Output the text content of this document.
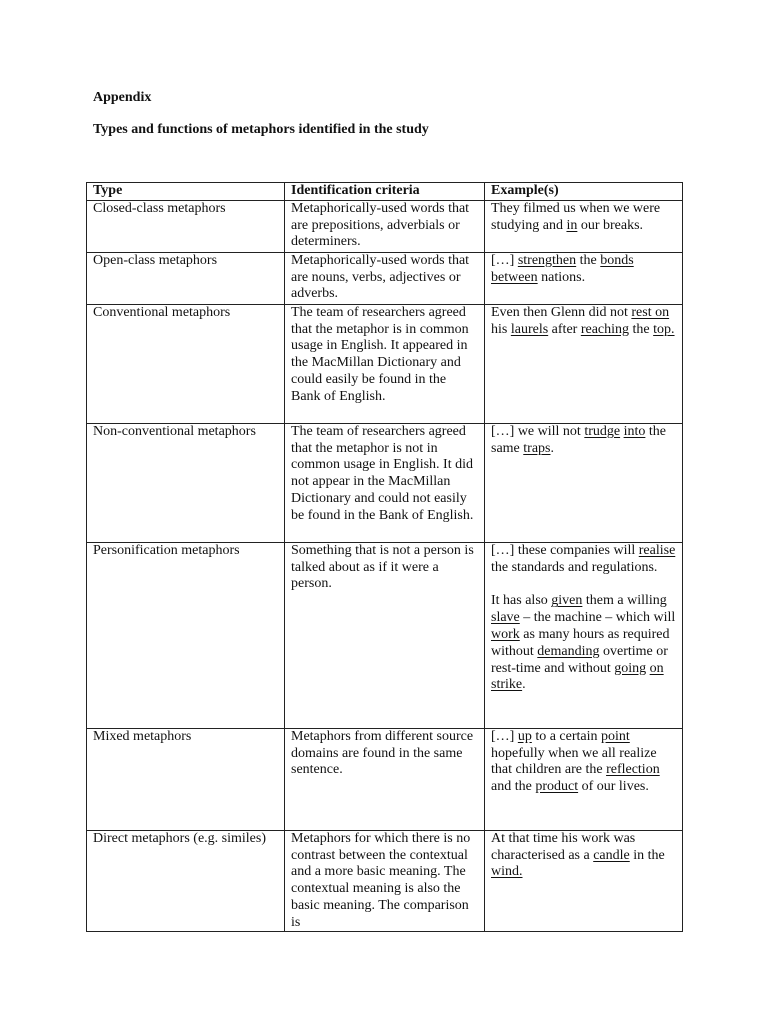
Appendix
Types and functions of metaphors identified in the study
Type	Identification criteria	Example(s)
Closed-class metaphors	Metaphorically-used words that are prepositions, adverbials or determiners.	They filmed us when we were studying and in our breaks.

Open-class metaphors	Metaphorically-used words that are nouns, verbs, adjectives or adverbs.	[…] strengthen the bonds between nations.

Conventional metaphors	The team of researchers agreed that the metaphor is in common usage in English. It appeared in the MacMillan Dictionary and could easily be found in the Bank of English.	Even then Glenn did not rest on his laurels after reaching the top.

Non-conventional metaphors	The team of researchers agreed that the metaphor is not in common usage in English. It did not appear in the MacMillan Dictionary and could not easily be found in the Bank of English.	[…] we will not trudge into the same traps.

Personification metaphors	Something that is not a person is talked about as if it were a person.	[…] these companies will realise the standards and regulations.

It has also given them a willing slave – the machine – which will work as many hours as required without demanding overtime or rest-time and without going on strike.

Mixed metaphors	Metaphors from different source domains are found in the same sentence.	[…] up to a certain point hopefully when we all realize that children are the reflection and the product of our lives.

Direct metaphors (e.g. similes)	Metaphors for which there is no contrast between the contextual and a more basic meaning. The contextual meaning is also the basic meaning. The comparison is	At that time his work was characterised as a candle in the wind.
